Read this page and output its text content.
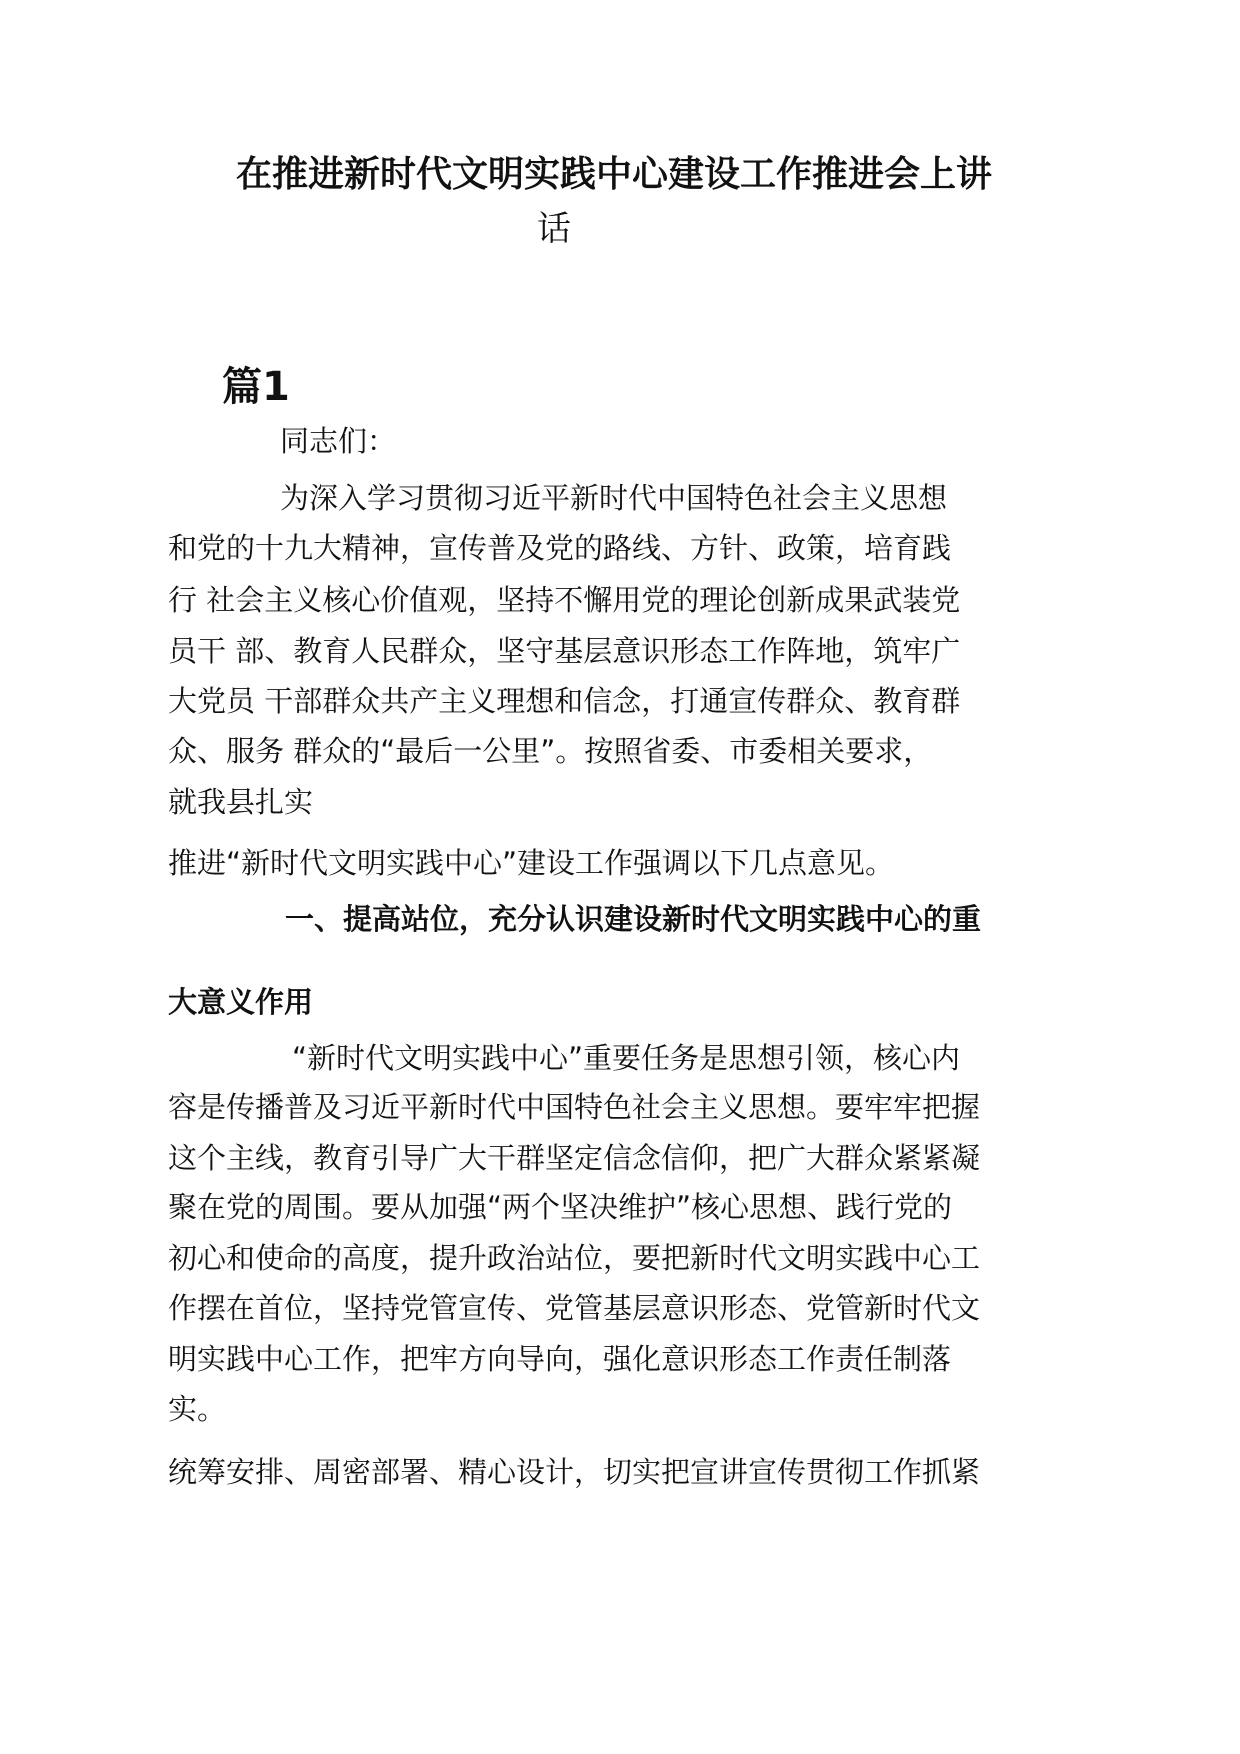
在推进新时代文明实践中心建设工作推进会上讲
话
篇1
同志们：
为深入学习贯彻习近平新时代中国特色社会主义思想
和党的十九大精神，宣传普及党的路线、方针、政策，培育践
行 社会主义核心价值观，坚持不懈用党的理论创新成果武装党
员干 部、教育人民群众，坚守基层意识形态工作阵地，筑牢广
大党员 干部群众共产主义理想和信念，打通宣传群众、教育群
众、服务 群众的“最后一公里”。按照省委、市委相关要求，
就我县扎实
推进“新时代文明实践中心”建设工作强调以下几点意见。
一、提高站位，充分认识建设新时代文明实践中心的重
大意义作用
“新时代文明实践中心”重要任务是思想引领，核心内
容是传播普及习近平新时代中国特色社会主义思想。要牢牢把握
这个主线，教育引导广大干群坚定信念信仰，把广大群众紧紧凝
聚在党的周围。要从加强“两个坚决维护”核心思想、践行党的
初心和使命的高度，提升政治站位，要把新时代文明实践中心工
作摆在首位，坚持党管宣传、党管基层意识形态、党管新时代文
明实践中心工作，把牢方向导向，强化意识形态工作责任制落
实。
统筹安排、周密部署、精心设计，切实把宣讲宣传贯彻工作抓紧
